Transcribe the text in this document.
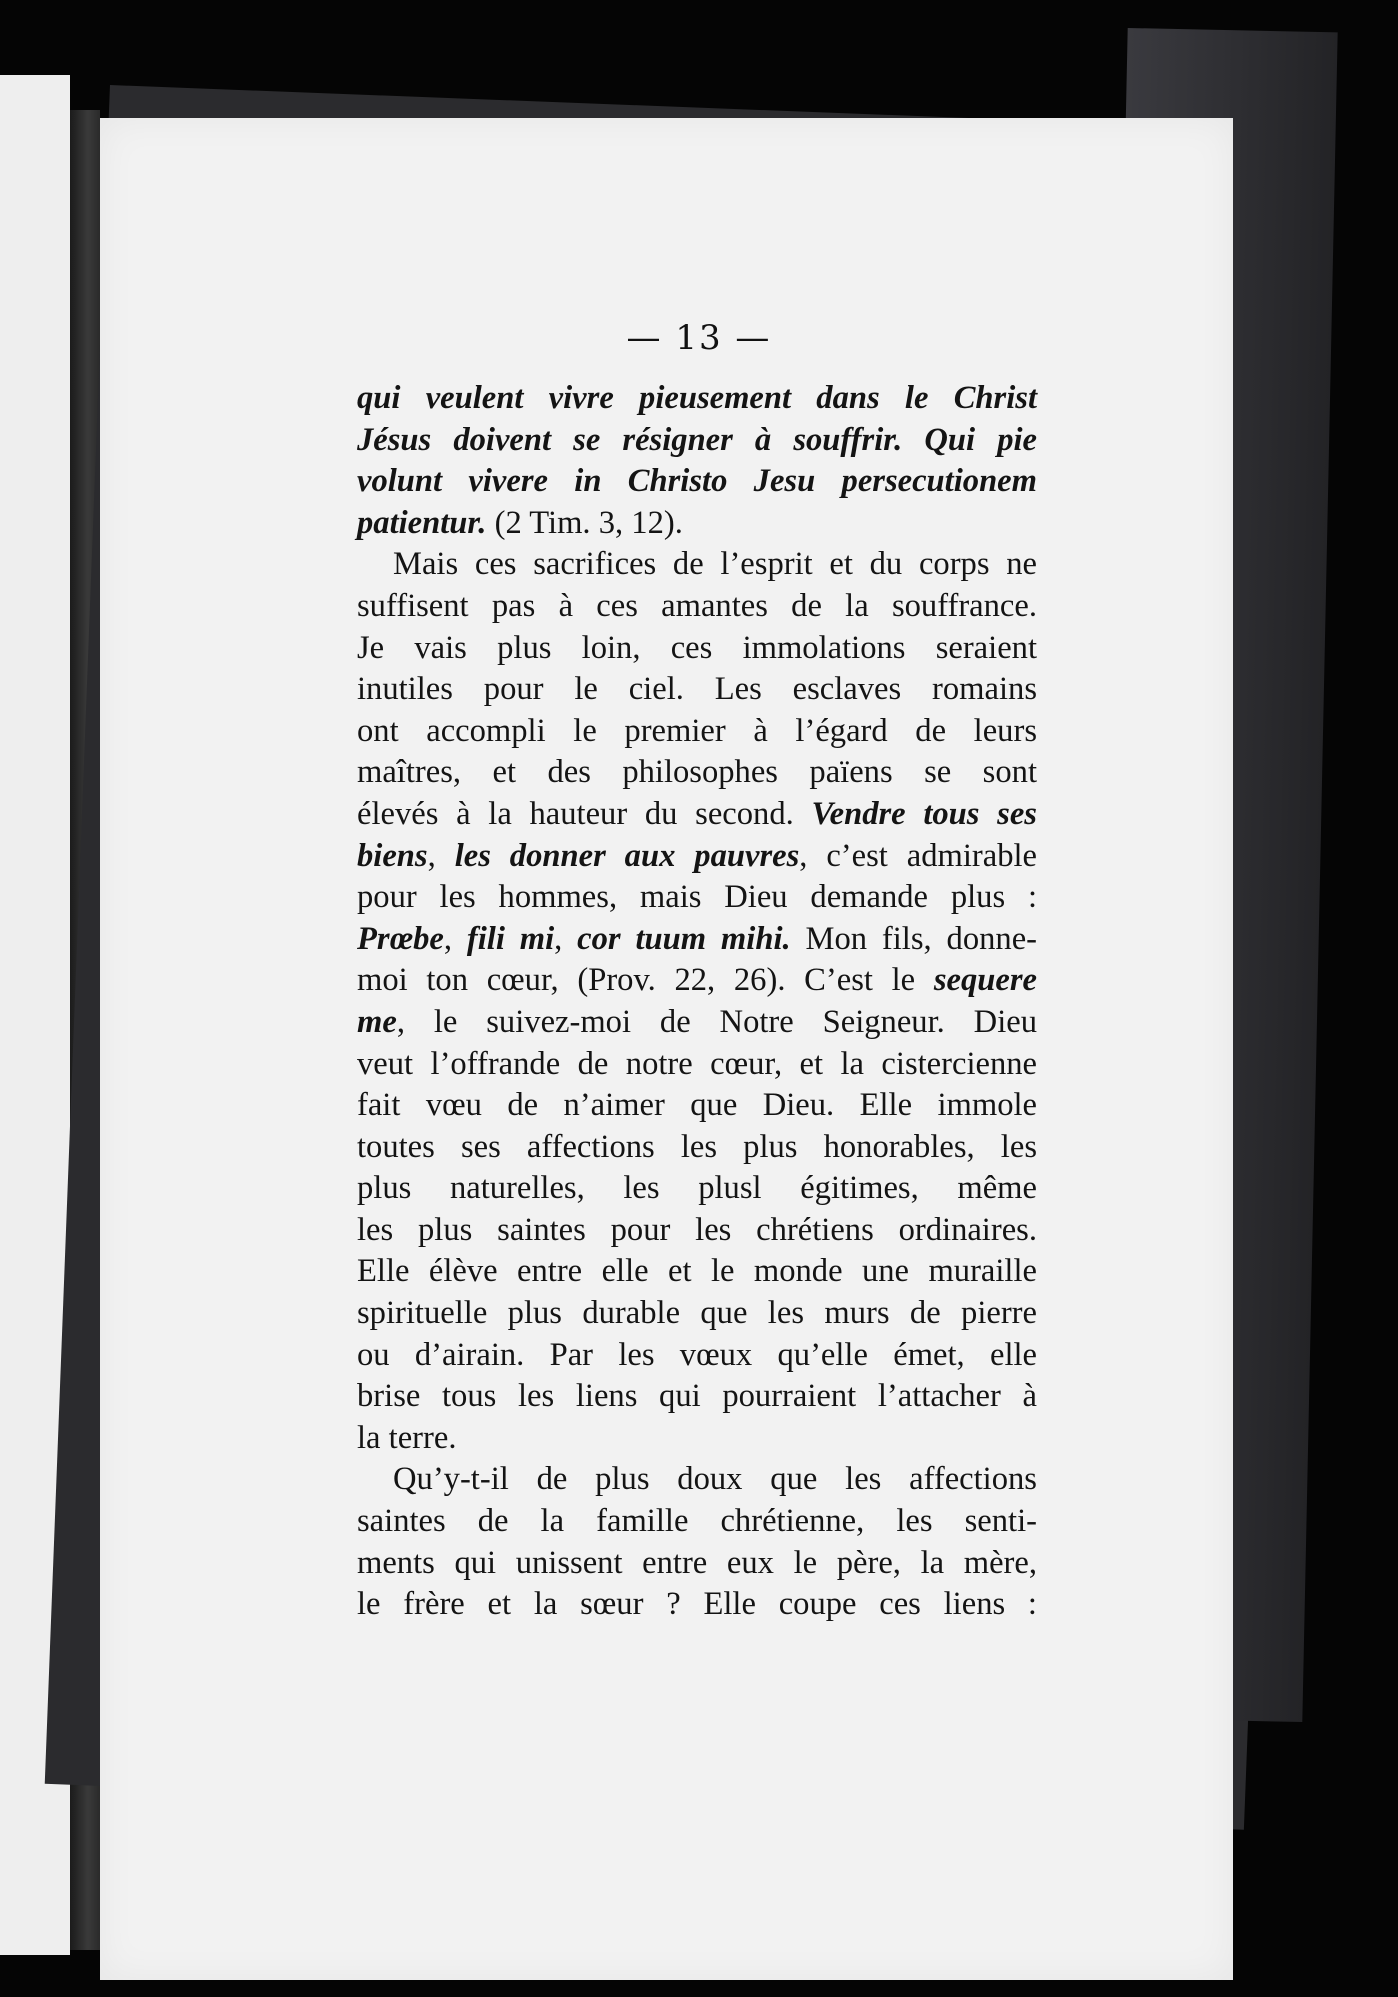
— 13 —
qui veulent vivre pieusement dans le Christ
Jésus doivent se résigner à souffrir. Qui pie
volunt vivere in Christo Jesu persecutionem
patientur. (2 Tim. 3, 12).
Mais ces sacrifices de l’esprit et du corps ne
suffisent pas à ces amantes de la souffrance.
Je vais plus loin, ces immolations seraient
inutiles pour le ciel. Les esclaves romains
ont accompli le premier à l’égard de leurs
maîtres, et des philosophes païens se sont
élevés à la hauteur du second. Vendre tous ses
biens, les donner aux pauvres, c’est admirable
pour les hommes, mais Dieu demande plus :
Prœbe, fili mi, cor tuum mihi. Mon fils, donne-
moi ton cœur, (Prov. 22, 26). C’est le sequere
me, le suivez-moi de Notre Seigneur. Dieu
veut l’offrande de notre cœur, et la cistercienne
fait vœu de n’aimer que Dieu. Elle immole
toutes ses affections les plus honorables, les
plus naturelles, les plusl égitimes, même
les plus saintes pour les chrétiens ordinaires.
Elle élève entre elle et le monde une muraille
spirituelle plus durable que les murs de pierre
ou d’airain. Par les vœux qu’elle émet, elle
brise tous les liens qui pourraient l’attacher à
la terre.
Qu’y-t-il de plus doux que les affections
saintes de la famille chrétienne, les senti-
ments qui unissent entre eux le père, la mère,
le frère et la sœur ? Elle coupe ces liens :
